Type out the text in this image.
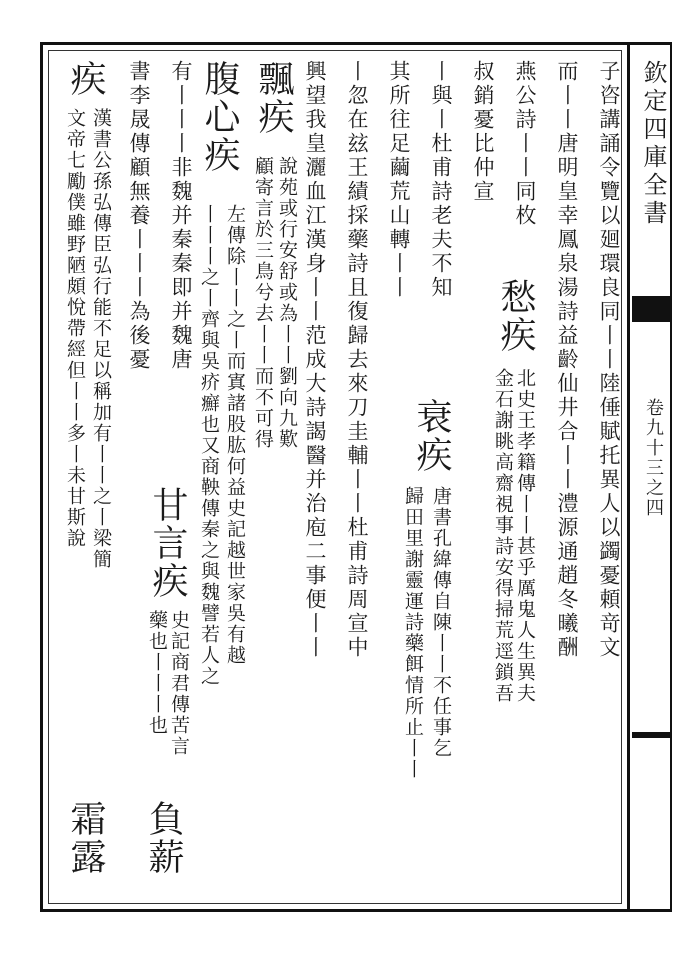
欽定四庫全書
卷九十三之四
子咨講誦令覽以廻環良同丨丨陸倕賦托異人以蠲憂頼竒文
而丨丨唐明皇幸鳳泉湯詩益齡仙井合丨丨澧源通趙冬曦酬
燕公詩丨丨同枚
愁疾
北史王孝籍傳丨丨甚乎厲鬼人生異夫
叔銷憂比仲宣
金石謝眺高齋視事詩安得掃荒逕鎖吾
丨與丨杜甫詩老夫不知
衰疾
唐書孔緯傳自陳丨丨不任事乞
其所往足繭荒山轉丨丨
歸田里謝靈運詩藥餌情所止丨丨
丨忽在玆王績採藥詩且復歸去來刀圭輔丨丨杜甫詩周宣中
興望我皇灑血江漢身丨丨范成大詩謁醫并治庖二事便丨丨
飄疾
說苑或行安舒或為丨丨劉向九歎
顧寄言於三鳥兮去丨丨而不可得
腹心疾
左傳除丨丨之丨而寘諸股肱何益史記越世家吳有越
丨丨丨之丨齊與吳疥癬也又商鞅傳秦之與魏譬若人之
有丨丨丨非魏并秦秦即并魏唐
甘言疾
史記商君傳苦言
書李晟傳顧無養丨丨丨為後憂
藥也丨丨丨也
負薪
疾
漢書公孫弘傳臣弘行能不足以稱加有丨丨之丨梁簡
文帝七勵僕雖野陋頗悅帶經但丨丨多丨未甘斯說
霜露
